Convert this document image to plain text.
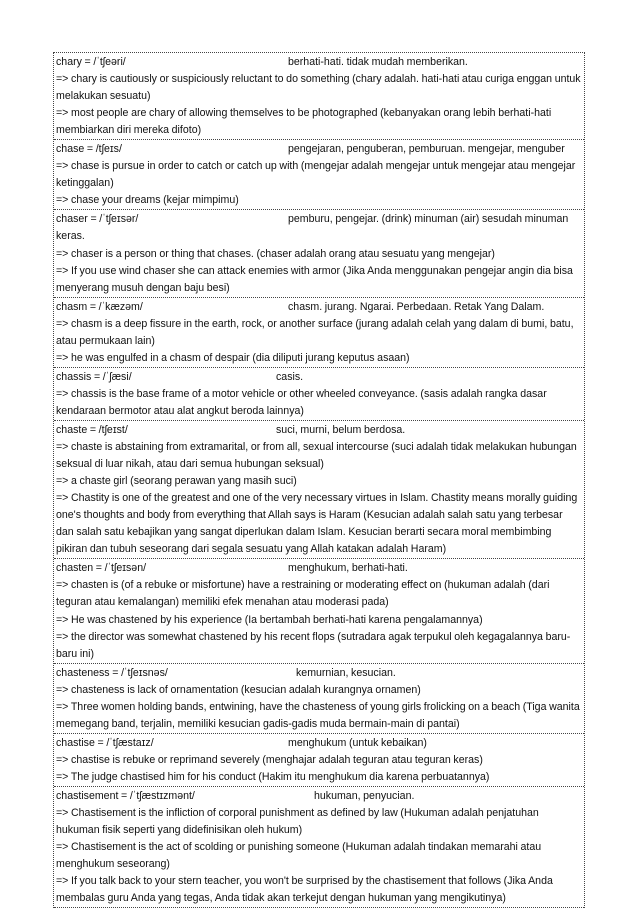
chary = /ˈtʃeəri/	berhati-hati. tidak mudah memberikan.
=> chary is cautiously or suspiciously reluctant to do something (chary adalah. hati-hati atau curiga enggan untuk melakukan sesuatu)
=> most people are chary of allowing themselves to be photographed (kebanyakan orang lebih berhati-hati membiarkan diri mereka difoto)
chase = /tʃeɪs/	pengejaran, penguberan, pemburuan. mengejar, menguber
=> chase is pursue in order to catch or catch up with (mengejar adalah mengejar untuk mengejar atau mengejar ketinggalan)
=> chase your dreams (kejar mimpimu)
chaser = /ˈtʃeɪsər/	pemburu, pengejar. (drink) minuman (air) sesudah minuman keras.
=> chaser is a person or thing that chases. (chaser adalah orang atau sesuatu yang mengejar)
=> If you use wind chaser she can attack enemies with armor (Jika Anda menggunakan pengejar angin dia bisa menyerang musuh dengan baju besi)
chasm = /ˈkæzəm/	chasm. jurang. Ngarai. Perbedaan. Retak Yang Dalam.
=> chasm is a deep fissure in the earth, rock, or another surface (jurang adalah celah yang dalam di bumi, batu, atau permukaan lain)
=> he was engulfed in a chasm of despair (dia diliputi jurang keputus asaan)
chassis = /ˈʃæsi/	casis.
=> chassis is the base frame of a motor vehicle or other wheeled conveyance. (sasis adalah rangka dasar kendaraan bermotor atau alat angkut beroda lainnya)
chaste = /tʃeɪst/	suci, murni, belum berdosa.
=> chaste is abstaining from extramarital, or from all, sexual intercourse (suci adalah tidak melakukan hubungan seksual di luar nikah, atau dari semua hubungan seksual)
=> a chaste girl (seorang perawan yang masih suci)
=> Chastity is one of the greatest and one of the very necessary virtues in Islam. Chastity means morally guiding one's thoughts and body from everything that Allah says is Haram (Kesucian adalah salah satu yang terbesar dan salah satu kebajikan yang sangat diperlukan dalam Islam. Kesucian berarti secara moral membimbing pikiran dan tubuh seseorang dari segala sesuatu yang Allah katakan adalah Haram)
chasten = /ˈtʃeɪsən/	menghukum, berhati-hati.
=> chasten is (of a rebuke or misfortune) have a restraining or moderating effect on (hukuman adalah (dari teguran atau kemalangan) memiliki efek menahan atau moderasi pada)
=> He was chastened by his experience (Ia bertambah berhati-hati karena pengalamannya)
=> the director was somewhat chastened by his recent flops (sutradara agak terpukul oleh kegagalannya baru-baru ini)
chasteness = /ˈtʃeɪsnəs/	kemurnian, kesucian.
=> chasteness is lack of ornamentation (kesucian adalah kurangnya ornamen)
=> Three women holding bands, entwining, have the chasteness of young girls frolicking on a beach (Tiga wanita memegang band, terjalin, memiliki kesucian gadis-gadis muda bermain-main di pantai)
chastise = /ˈtʃæstaɪz/	menghukum (untuk kebaikan)
=> chastise is rebuke or reprimand severely (menghajar adalah teguran atau teguran keras)
=> The judge chastised him for his conduct (Hakim itu menghukum dia karena perbuatannya)
chastisement = /ˈtʃæstɪzmənt/	hukuman, penyucian.
=> Chastisement is the infliction of corporal punishment as defined by law (Hukuman adalah penjatuhan hukuman fisik seperti yang didefinisikan oleh hukum)
=> Chastisement is the act of scolding or punishing someone (Hukuman adalah tindakan memarahi atau menghukum seseorang)
=> If you talk back to your stern teacher, you won't be surprised by the chastisement that follows (Jika Anda membalas guru Anda yang tegas, Anda tidak akan terkejut dengan hukuman yang mengikutinya)
